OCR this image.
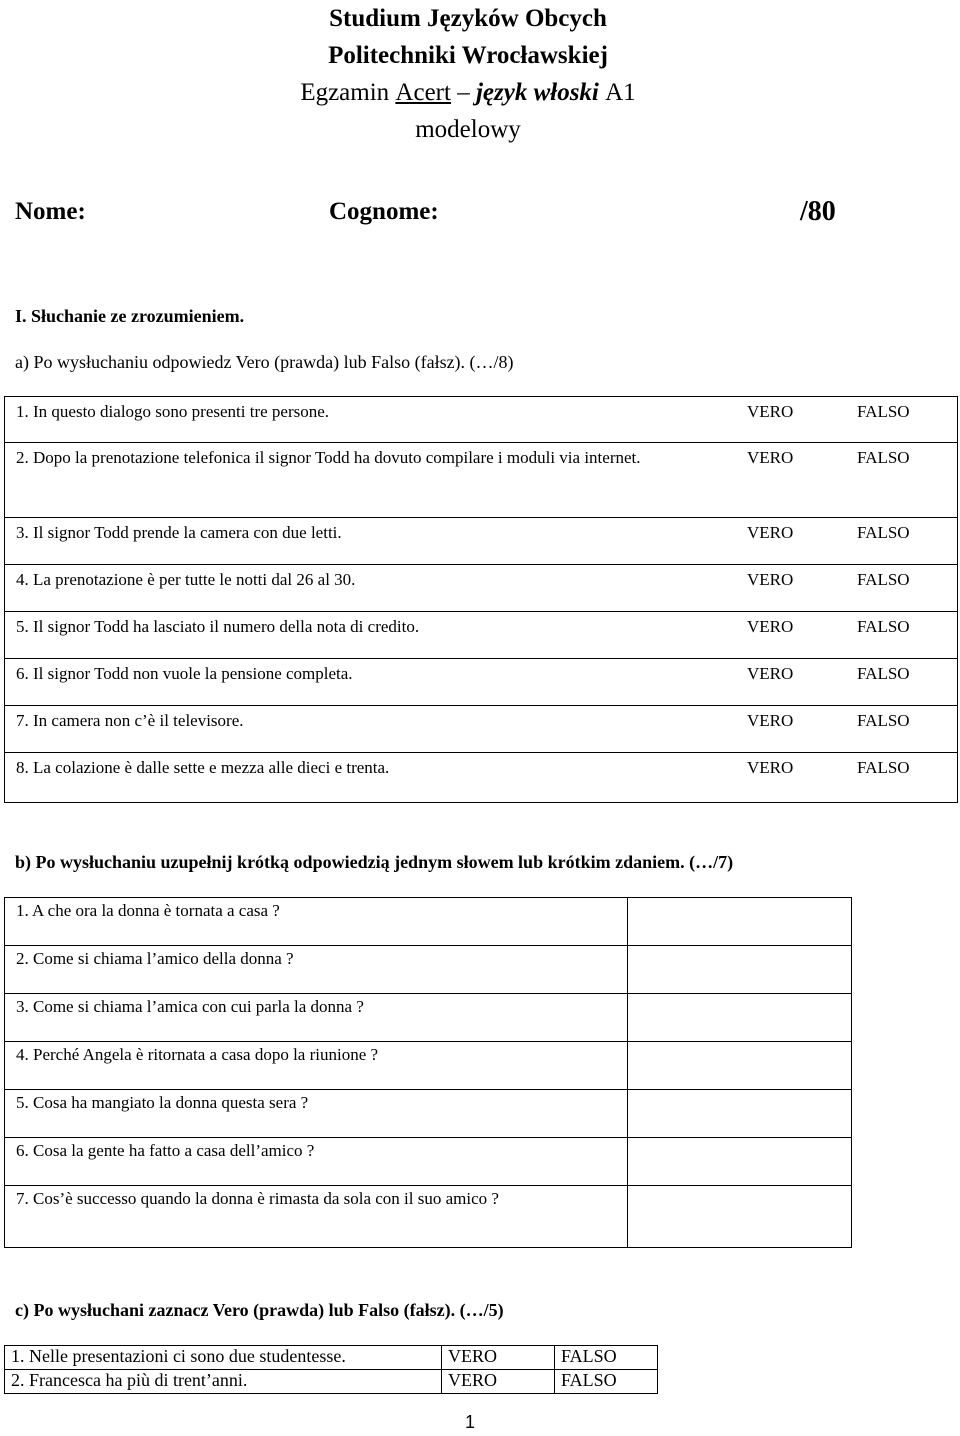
Studium Języków Obcych
Politechniki Wrocławskiej
Egzamin Acert – język włoski A1
modelowy
Nome:	Cognome:	/80
I. Słuchanie ze zrozumieniem.
a) Po wysłuchaniu odpowiedz Vero (prawda) lub Falso (fałsz). (…/8)
1. In questo dialogo sono presenti tre persone.	VERO	FALSO
2. Dopo la prenotazione telefonica il signor Todd ha dovuto compilare i moduli via internet.	VERO	FALSO
3. Il signor Todd prende la camera con due letti.	VERO	FALSO
4. La prenotazione è per tutte le notti dal 26 al 30.	VERO	FALSO
5. Il signor Todd ha lasciato il numero della nota di credito.	VERO	FALSO
6. Il signor Todd non vuole la pensione completa.	VERO	FALSO
7. In camera non c’è il televisore.	VERO	FALSO
8. La colazione è dalle sette e mezza alle dieci e trenta.	VERO	FALSO
b) Po wysłuchaniu uzupełnij krótką odpowiedzią jednym słowem lub krótkim zdaniem. (…/7)
1. A che ora la donna è tornata a casa ?	
2. Come si chiama l’amico della donna ?	
3. Come si chiama l’amica con cui parla la donna ?	
4. Perché Angela è ritornata a casa dopo la riunione ?	
5. Cosa ha mangiato la donna questa sera ?	
6. Cosa la gente ha fatto a casa dell’amico ?	
7. Cos’è successo quando la donna è rimasta da sola con il suo amico ?	
c) Po wysłuchani zaznacz Vero (prawda) lub Falso (fałsz). (…/5)
1. Nelle presentazioni ci sono due studentesse.	VERO	FALSO
2. Francesca ha più di trent’anni.	VERO	FALSO
1
